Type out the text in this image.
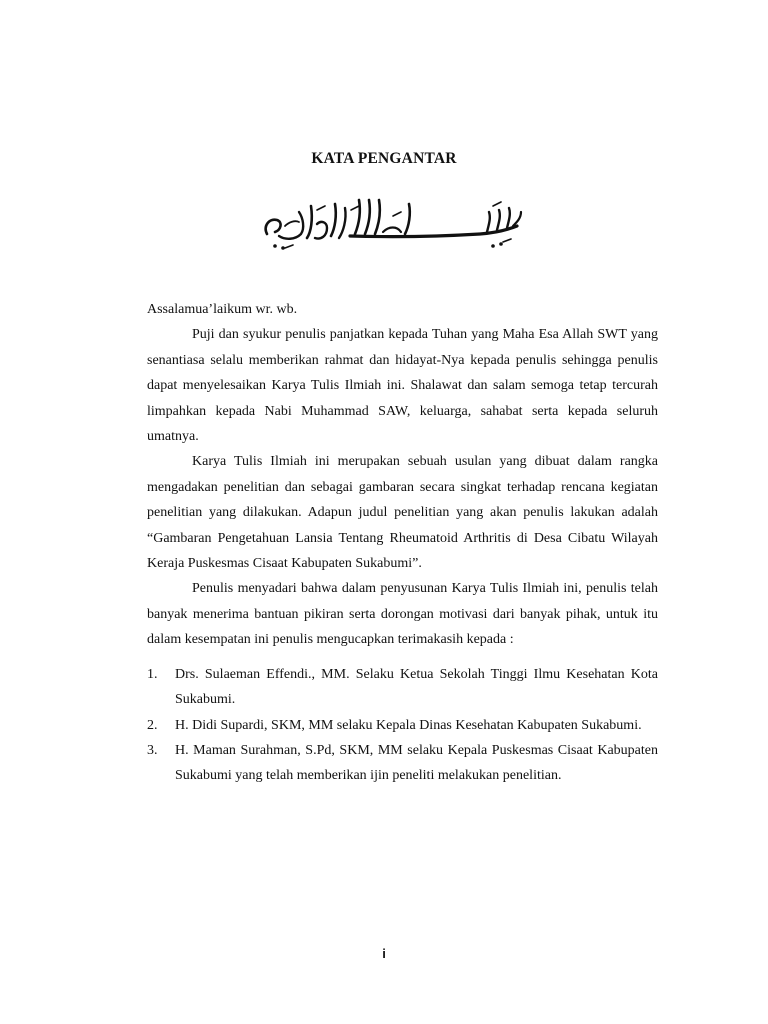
KATA PENGANTAR

Assalamua’laikum wr. wb.

Puji dan syukur penulis panjatkan kepada Tuhan yang Maha Esa Allah SWT yang senantiasa selalu memberikan rahmat dan hidayat-Nya kepada penulis sehingga penulis dapat menyelesaikan Karya Tulis Ilmiah ini. Shalawat dan salam semoga tetap tercurah limpahkan kepada Nabi Muhammad SAW, keluarga, sahabat serta kepada seluruh umatnya.

Karya Tulis Ilmiah ini merupakan sebuah usulan yang dibuat dalam rangka mengadakan penelitian dan sebagai gambaran secara singkat terhadap rencana kegiatan penelitian yang dilakukan. Adapun judul penelitian yang akan penulis lakukan adalah “Gambaran Pengetahuan Lansia Tentang Rheumatoid Arthritis di Desa Cibatu Wilayah Keraja Puskesmas Cisaat Kabupaten Sukabumi”.

Penulis menyadari bahwa dalam penyusunan Karya Tulis Ilmiah ini, penulis telah banyak menerima bantuan pikiran serta dorongan motivasi dari banyak pihak, untuk itu dalam kesempatan ini penulis mengucapkan terimakasih kepada :

1. Drs. Sulaeman Effendi., MM. Selaku Ketua Sekolah Tinggi Ilmu Kesehatan Kota Sukabumi.
2. H. Didi Supardi, SKM, MM selaku Kepala Dinas Kesehatan Kabupaten Sukabumi.
3. H. Maman Surahman, S.Pd, SKM, MM selaku Kepala Puskesmas Cisaat Kabupaten Sukabumi yang telah memberikan ijin peneliti melakukan penelitian.
i
